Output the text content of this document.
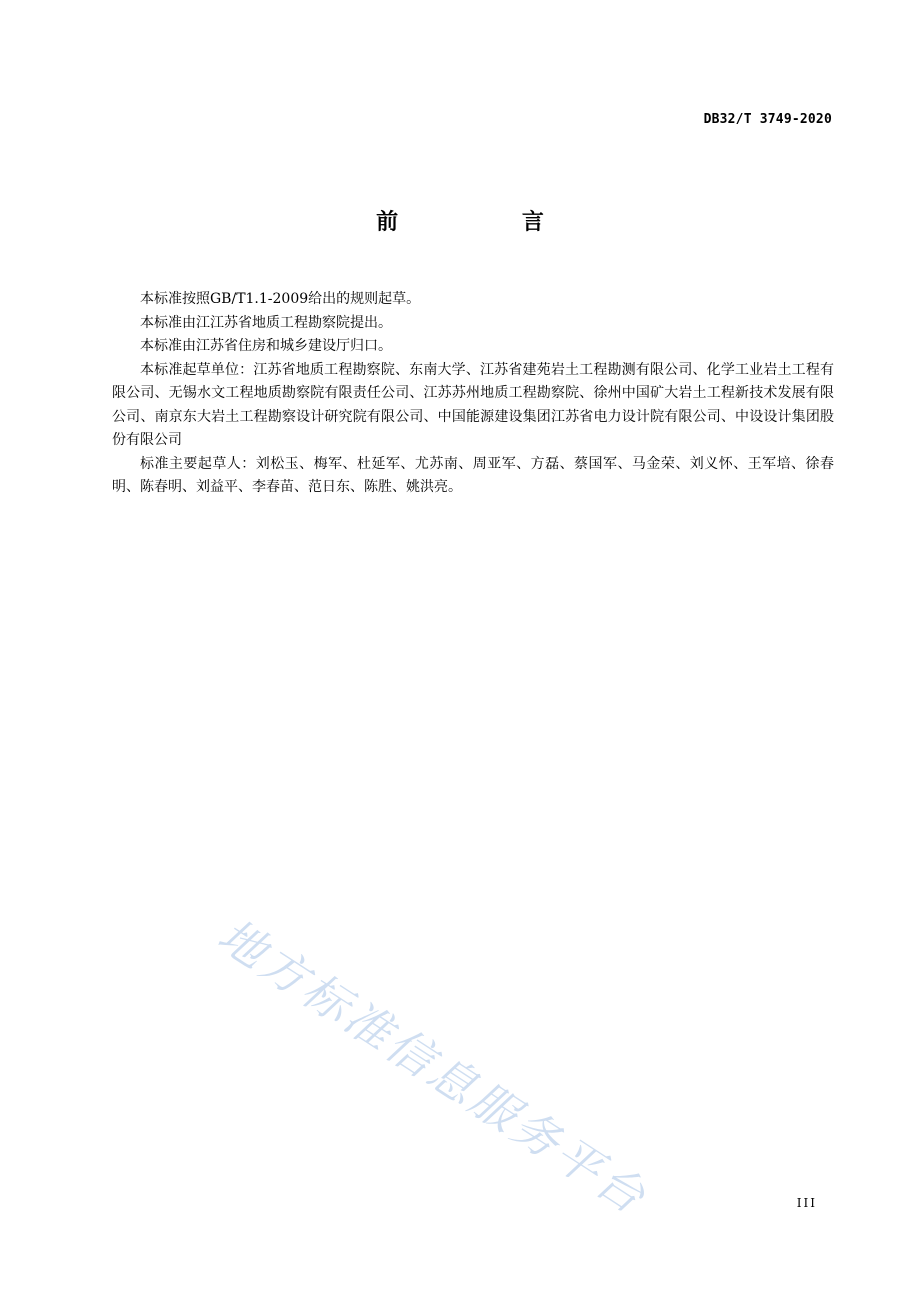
DB32/T 3749-2020
前 言

本标准按照GB/T1.1-2009给出的规则起草。

本标准由江江苏省地质工程勘察院提出。

本标准由江苏省住房和城乡建设厅归口。

本标准起草单位：江苏省地质工程勘察院、东南大学、江苏省建苑岩土工程勘测有限公司、化学工业岩土工程有限公司、无锡水文工程地质勘察院有限责任公司、江苏苏州地质工程勘察院、徐州中国矿大岩土工程新技术发展有限公司、南京东大岩土工程勘察设计研究院有限公司、中国能源建设集团江苏省电力设计院有限公司、中设设计集团股份有限公司

标准主要起草人：刘松玉、梅军、杜延军、尤苏南、周亚军、方磊、蔡国军、马金荣、刘义怀、王军培、徐春明、陈春明、刘益平、李春苗、范日东、陈胜、姚洪亮。

地方标准信息服务平台	III
